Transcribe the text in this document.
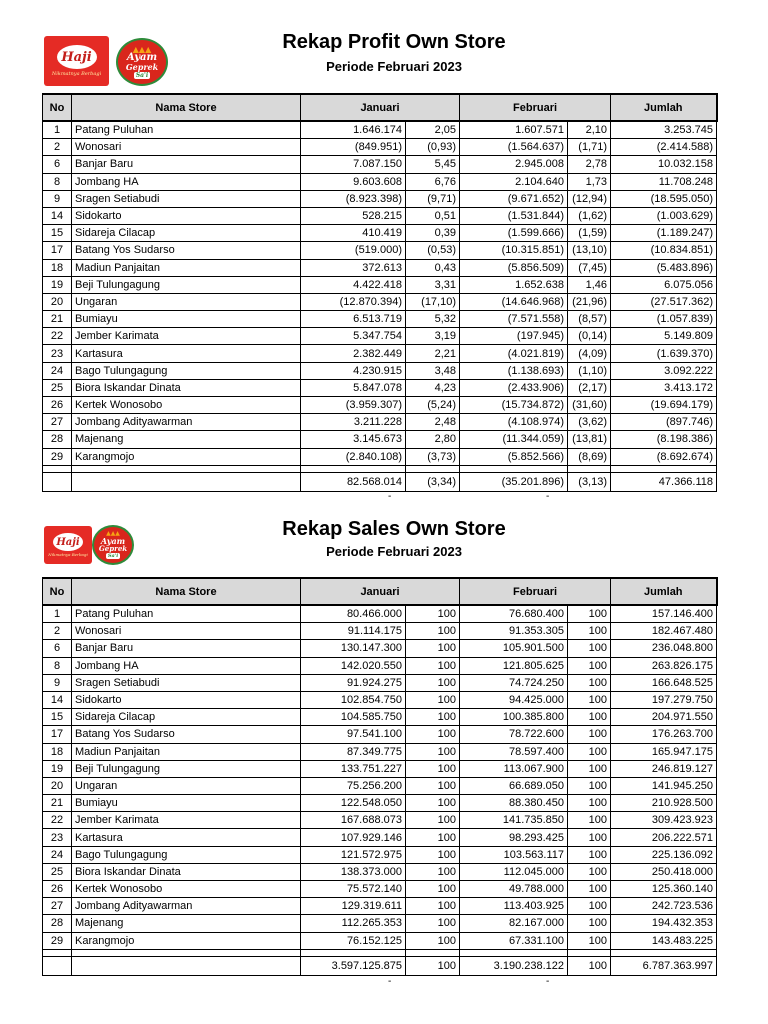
Haji
Nikmatnya Berbagi
▲▲▲
Ayam
Geprek
Sa'i
Rekap Profit Own Store
Periode Februari 2023
No	Nama Store	Januari		Februari		Jumlah
1	Patang Puluhan	1.646.174	2,05	1.607.571	2,10	3.253.745
2	Wonosari	(849.951)	(0,93)	(1.564.637)	(1,71)	(2.414.588)
6	Banjar Baru	7.087.150	5,45	2.945.008	2,78	10.032.158
8	Jombang HA	9.603.608	6,76	2.104.640	1,73	11.708.248
9	Sragen Setiabudi	(8.923.398)	(9,71)	(9.671.652)	(12,94)	(18.595.050)
14	Sidokarto	528.215	0,51	(1.531.844)	(1,62)	(1.003.629)
15	Sidareja Cilacap	410.419	0,39	(1.599.666)	(1,59)	(1.189.247)
17	Batang Yos Sudarso	(519.000)	(0,53)	(10.315.851)	(13,10)	(10.834.851)
18	Madiun Panjaitan	372.613	0,43	(5.856.509)	(7,45)	(5.483.896)
19	Beji Tulungagung	4.422.418	3,31	1.652.638	1,46	6.075.056
20	Ungaran	(12.870.394)	(17,10)	(14.646.968)	(21,96)	(27.517.362)
21	Bumiayu	6.513.719	5,32	(7.571.558)	(8,57)	(1.057.839)
22	Jember Karimata	5.347.754	3,19	(197.945)	(0,14)	5.149.809
23	Kartasura	2.382.449	2,21	(4.021.819)	(4,09)	(1.639.370)
24	Bago Tulungagung	4.230.915	3,48	(1.138.693)	(1,10)	3.092.222
25	Biora Iskandar Dinata	5.847.078	4,23	(2.433.906)	(2,17)	3.413.172
26	Kertek Wonosobo	(3.959.307)	(5,24)	(15.734.872)	(31,60)	(19.694.179)
27	Jombang Adityawarman	3.211.228	2,48	(4.108.974)	(3,62)	(897.746)
28	Majenang	3.145.673	2,80	(11.344.059)	(13,81)	(8.198.386)
29	Karangmojo	(2.840.108)	(3,73)	(5.852.566)	(8,69)	(8.692.674)

		82.568.014	(3,34)	(35.201.896)	(3,13)	47.366.118
-	-
Haji
Nikmatnya Berbagi
▲▲▲
Ayam
Geprek
Sa'i
Rekap Sales Own Store
Periode Februari 2023
No	Nama Store	Januari		Februari		Jumlah
1	Patang Puluhan	80.466.000	100	76.680.400	100	157.146.400
2	Wonosari	91.114.175	100	91.353.305	100	182.467.480
6	Banjar Baru	130.147.300	100	105.901.500	100	236.048.800
8	Jombang HA	142.020.550	100	121.805.625	100	263.826.175
9	Sragen Setiabudi	91.924.275	100	74.724.250	100	166.648.525
14	Sidokarto	102.854.750	100	94.425.000	100	197.279.750
15	Sidareja Cilacap	104.585.750	100	100.385.800	100	204.971.550
17	Batang Yos Sudarso	97.541.100	100	78.722.600	100	176.263.700
18	Madiun Panjaitan	87.349.775	100	78.597.400	100	165.947.175
19	Beji Tulungagung	133.751.227	100	113.067.900	100	246.819.127
20	Ungaran	75.256.200	100	66.689.050	100	141.945.250
21	Bumiayu	122.548.050	100	88.380.450	100	210.928.500
22	Jember Karimata	167.688.073	100	141.735.850	100	309.423.923
23	Kartasura	107.929.146	100	98.293.425	100	206.222.571
24	Bago Tulungagung	121.572.975	100	103.563.117	100	225.136.092
25	Biora Iskandar Dinata	138.373.000	100	112.045.000	100	250.418.000
26	Kertek Wonosobo	75.572.140	100	49.788.000	100	125.360.140
27	Jombang Adityawarman	129.319.611	100	113.403.925	100	242.723.536
28	Majenang	112.265.353	100	82.167.000	100	194.432.353
29	Karangmojo	76.152.125	100	67.331.100	100	143.483.225

		3.597.125.875	100	3.190.238.122	100	6.787.363.997
-	-
